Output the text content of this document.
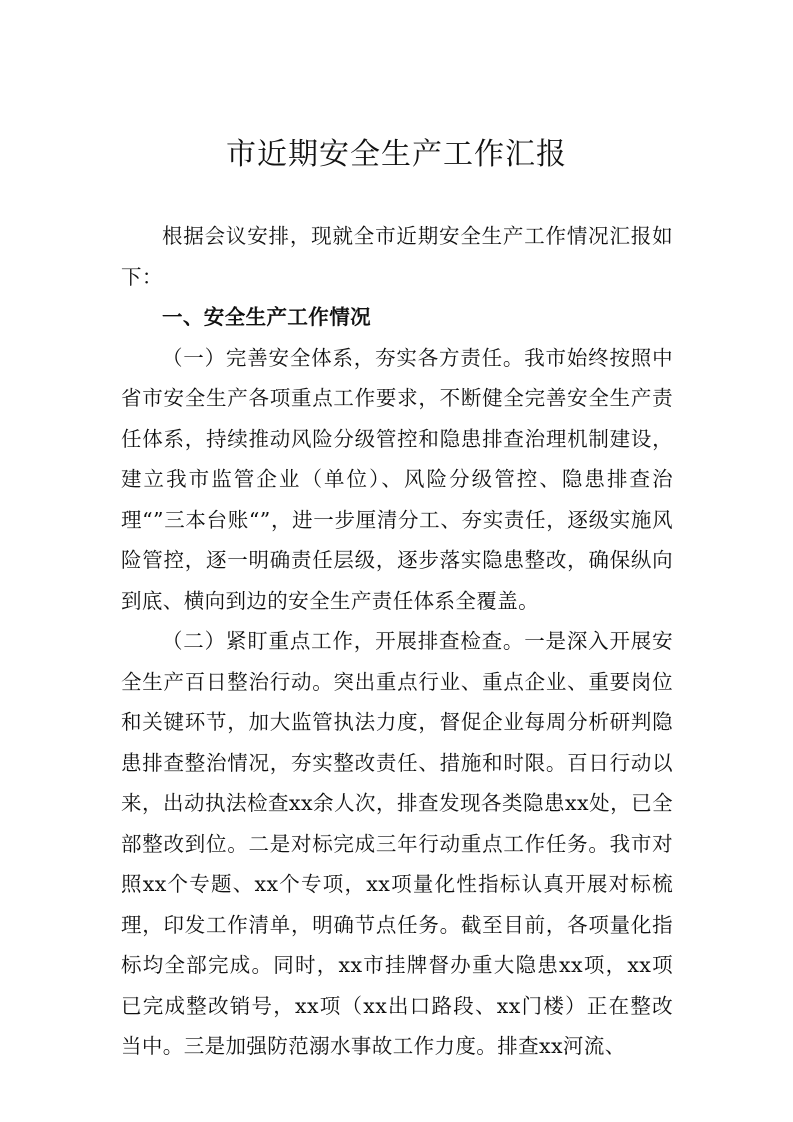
市近期安全生产工作汇报

根据会议安排，现就全市近期安全生产工作情况汇报如下：

一、安全生产工作情况

（一）完善安全体系，夯实各方责任。我市始终按照中省市安全生产各项重点工作要求，不断健全完善安全生产责任体系，持续推动风险分级管控和隐患排查治理机制建设，建立我市监管企业（单位）、风险分级管控、隐患排查治理“”三本台账“”，进一步厘清分工、夯实责任，逐级实施风险管控，逐一明确责任层级，逐步落实隐患整改，确保纵向到底、横向到边的安全生产责任体系全覆盖。

（二）紧盯重点工作，开展排查检查。一是深入开展安全生产百日整治行动。突出重点行业、重点企业、重要岗位和关键环节，加大监管执法力度，督促企业每周分析研判隐患排查整治情况，夯实整改责任、措施和时限。百日行动以来，出动执法检查xx余人次，排查发现各类隐患xx处，已全部整改到位。二是对标完成三年行动重点工作任务。我市对照xx个专题、xx个专项，xx项量化性指标认真开展对标梳理，印发工作清单，明确节点任务。截至目前，各项量化指标均全部完成。同时，xx市挂牌督办重大隐患xx项，xx项已完成整改销号，xx项（xx出口路段、xx门楼）正在整改当中。三是加强防范溺水事故工作力度。排查xx河流、
